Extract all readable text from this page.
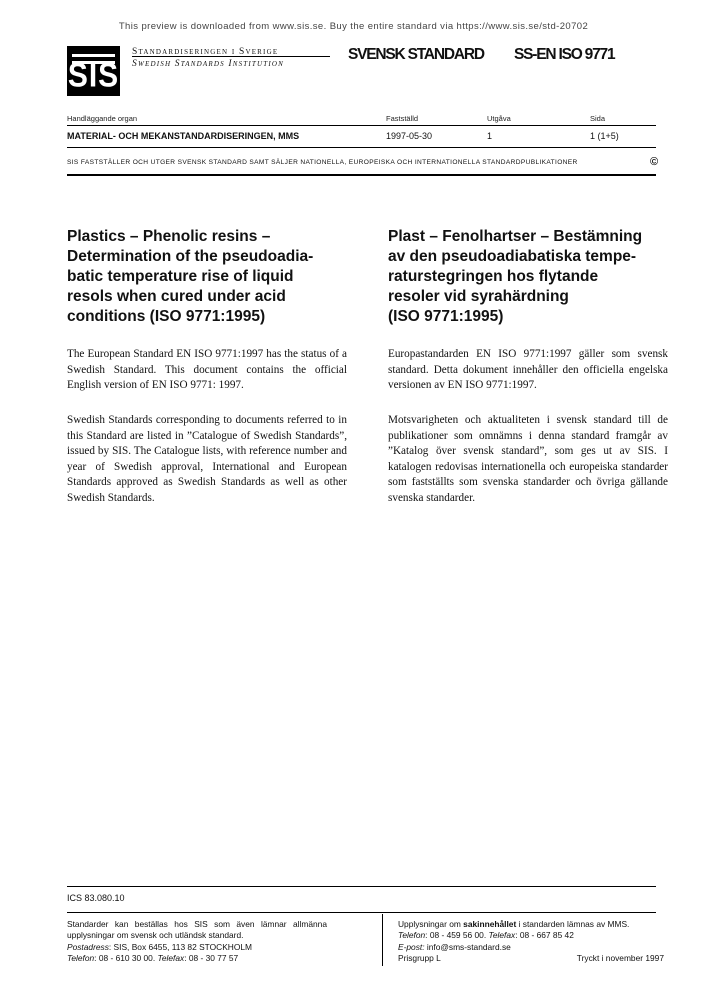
This preview is downloaded from www.sis.se. Buy the entire standard via https://www.sis.se/std-20702
SIS
Standardiseringen i Sverige
Swedish Standards Institution
SVENSK STANDARD SS-EN ISO 9771
Handläggande organ	Fastställd	Utgåva	Sida
MATERIAL- OCH MEKANSTANDARDISERINGEN, MMS	1997-05-30	1	1 (1+5)
SIS FASTSTÄLLER OCH UTGER SVENSK STANDARD SAMT SÄLJER NATIONELLA, EUROPEISKA OCH INTERNATIONELLA STANDARDPUBLIKATIONER	©
Plastics – Phenolic resins –
Determination of the pseudoadia-
batic temperature rise of liquid
resols when cured under acid
conditions (ISO 9771:1995)
Plast – Fenolhartser – Bestämning
av den pseudoadiabatiska tempe-
raturstegringen hos flytande
resoler vid syrahärdning
(ISO 9771:1995)
The European Standard EN ISO 9771:1997 has the status of a Swedish Standard. This document contains the official English version of EN ISO 9771: 1997.
Swedish Standards corresponding to documents referred to in this Standard are listed in ”Catalogue of Swedish Standards”, issued by SIS. The Catalogue lists, with reference number and year of Swedish approval, International and European Standards approved as Swedish Standards as well as other Swedish Standards.
Europastandarden EN ISO 9771:1997 gäller som svensk standard. Detta dokument innehåller den officiella engelska versionen av EN ISO 9771:1997.
Motsvarigheten och aktualiteten i svensk standard till de publikationer som omnämns i denna standard framgår av ”Katalog över svensk standard”, som ges ut av SIS. I katalogen redovisas internationella och europeiska standarder som fastställts som svenska standarder och övriga gällande svenska standarder.
ICS 83.080.10
Standarder kan beställas hos SIS som även lämnar allmänna upplysningar om svensk och utländsk standard.
Postadress: SIS, Box 6455, 113 82 STOCKHOLM
Telefon: 08 - 610 30 00. Telefax: 08 - 30 77 57
Upplysningar om sakinnehållet i standarden lämnas av MMS.
Telefon: 08 - 459 56 00. Telefax: 08 - 667 85 42
E-post: info@sms-standard.se
Prisgrupp L	Tryckt i november 1997
